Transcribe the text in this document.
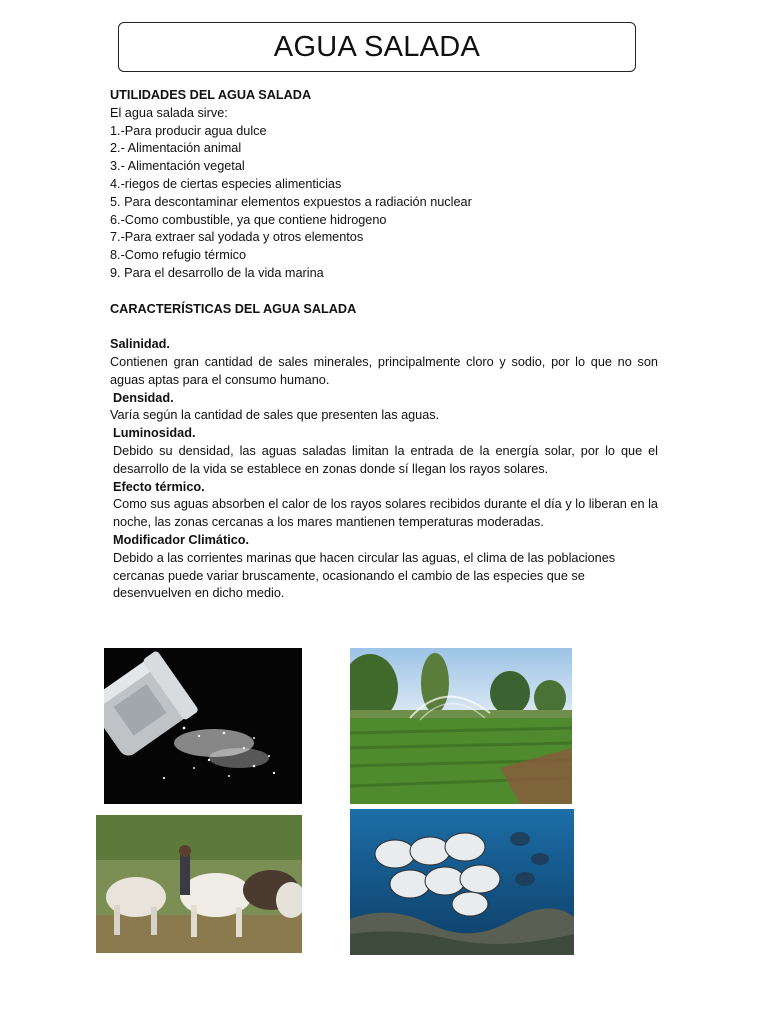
AGUA SALADA

UTILIDADES DEL AGUA SALADA

El agua salada sirve:

1.-Para producir agua dulce

2.- Alimentación animal

3.- Alimentación vegetal

4.-riegos de ciertas especies alimenticias

5. Para descontaminar elementos expuestos a radiación nuclear

6.-Como combustible, ya que contiene hidrogeno

7.-Para extraer sal yodada y otros elementos

8.-Como refugio térmico

9. Para el desarrollo de la vida marina

CARACTERÍSTICAS DEL AGUA SALADA

Salinidad.

Contienen gran cantidad de sales minerales, principalmente cloro y sodio, por lo que no son aguas aptas para el consumo humano.

Densidad.

Varía según la cantidad de sales que presenten las aguas.

Luminosidad.

Debido su densidad, las aguas saladas limitan la entrada de la energía solar, por lo que el desarrollo de la vida se establece en zonas donde sí llegan los rayos solares.

Efecto térmico.

Como sus aguas absorben el calor de los rayos solares recibidos durante el día y lo liberan en la noche, las zonas cercanas a los mares mantienen temperaturas moderadas.

Modificador Climático.

Debido a las corrientes marinas que hacen circular las aguas, el clima de las poblaciones cercanas puede variar bruscamente, ocasionando el cambio de las especies que se desenvuelven en dicho medio.
